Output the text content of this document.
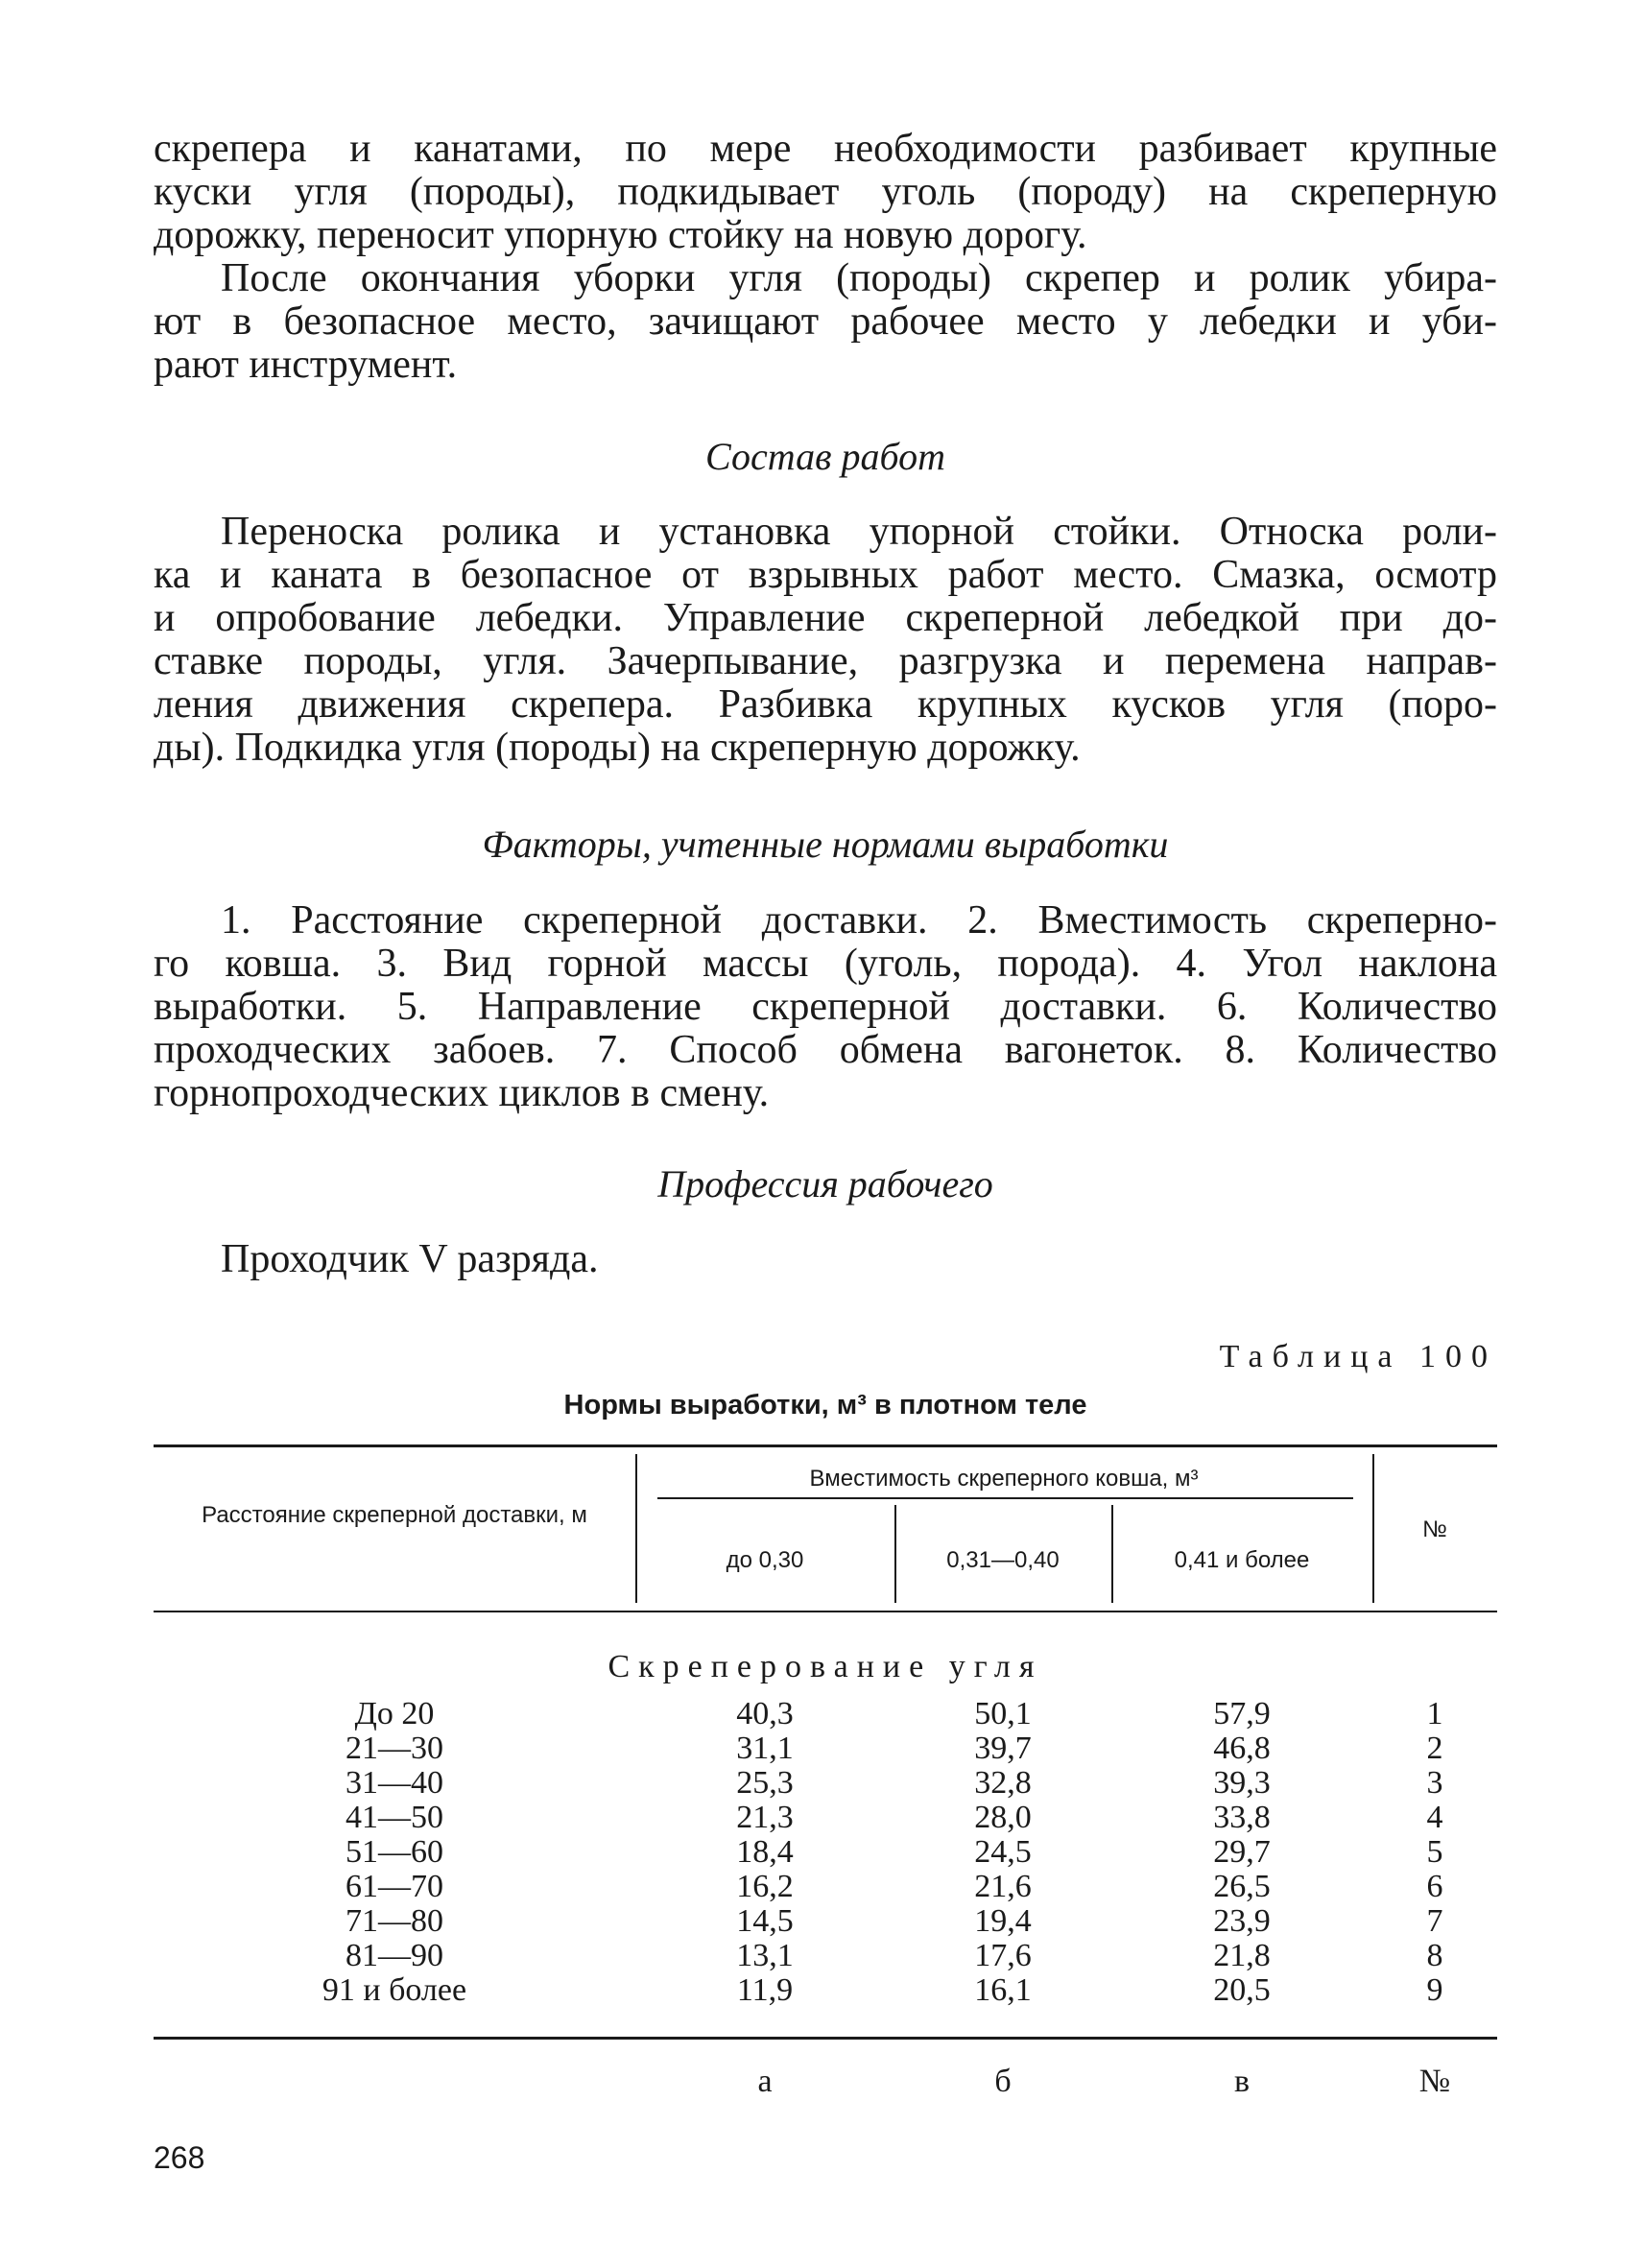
скрепера и канатами, по мере необходимости разбивает крупные
куски угля (породы), подкидывает уголь (породу) на скреперную
дорожку, переносит упорную стойку на новую дорогу.
После окончания уборки угля (породы) скрепер и ролик убира-
ют в безопасное место, зачищают рабочее место у лебедки и уби-
рают инструмент.
Состав работ
Переноска ролика и установка упорной стойки. Относка роли-
ка и каната в безопасное от взрывных работ место. Смазка, осмотр
и опробование лебедки. Управление скреперной лебедкой при до-
ставке породы, угля. Зачерпывание, разгрузка и перемена направ-
ления движения скрепера. Разбивка крупных кусков угля (поро-
ды). Подкидка угля (породы) на скреперную дорожку.
Факторы, учтенные нормами выработки
1. Расстояние скреперной доставки. 2. Вместимость скреперно-
го ковша. 3. Вид горной массы (уголь, порода). 4. Угол наклона
выработки. 5. Направление скреперной доставки. 6. Количество
проходческих забоев. 7. Способ обмена вагонеток. 8. Количество
горнопроходческих циклов в смену.
Профессия рабочего
Проходчик V разряда.
Таблица 100
Нормы выработки, м³ в плотном теле
Расстояние скреперной доставки, м
Вместимость скреперного ковша, м³
до 0,30	0,31—0,40	0,41 и более
№
Скреперование угля
До 20	40,3	50,1	57,9	1
21—30	31,1	39,7	46,8	2
31—40	25,3	32,8	39,3	3
41—50	21,3	28,0	33,8	4
51—60	18,4	24,5	29,7	5
61—70	16,2	21,6	26,5	6
71—80	14,5	19,4	23,9	7
81—90	13,1	17,6	21,8	8
91 и более	11,9	16,1	20,5	9
а	б	в	№
268
